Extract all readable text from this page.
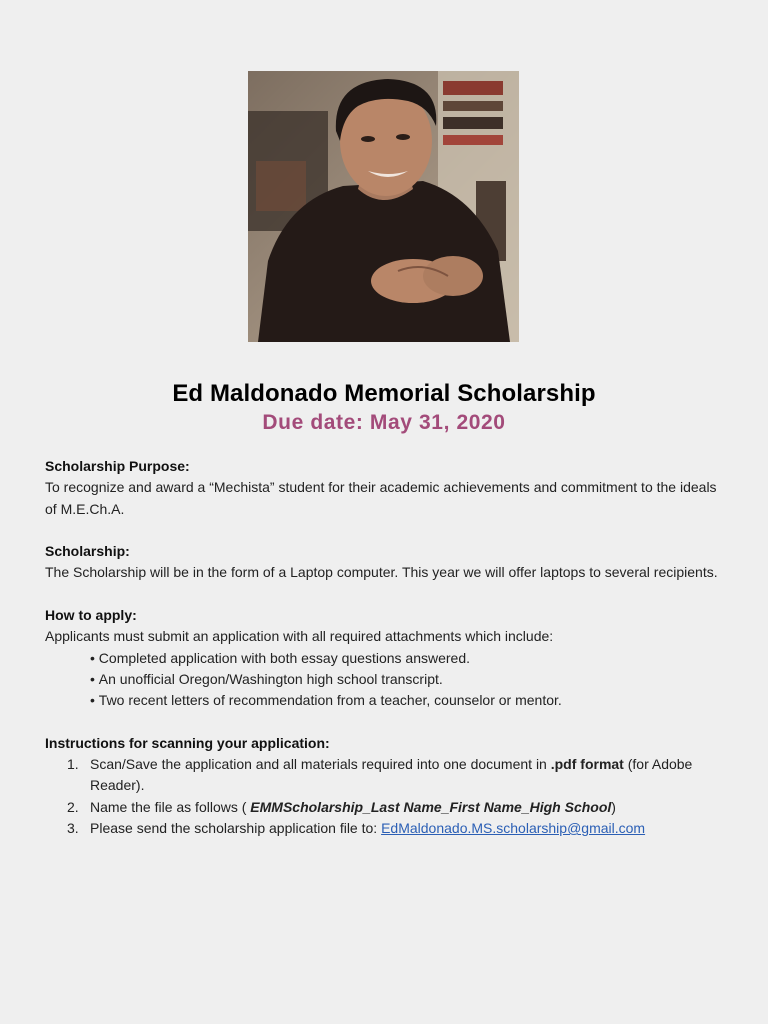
Ed Maldonado Memorial Scholarship
Due date: May 31, 2020

Scholarship Purpose:

To recognize and award a “Mechista” student for their academic achievements and commitment to the ideals of M.E.Ch.A.

Scholarship:

The Scholarship will be in the form of a Laptop computer. This year we will offer laptops to several recipients.

How to apply:

Applicants must submit an application with all required attachments which include:

• Completed application with both essay questions answered.
• An unofficial Oregon/Washington high school transcript.
• Two recent letters of recommendation from a teacher, counselor or mentor.

Instructions for scanning your application:

1. Scan/Save the application and all materials required into one document in .pdf format (for Adobe Reader).
2. Name the file as follows ( EMMScholarship_Last Name_First Name_High School)
3. Please send the scholarship application file to: EdMaldonado.MS.scholarship@gmail.com
